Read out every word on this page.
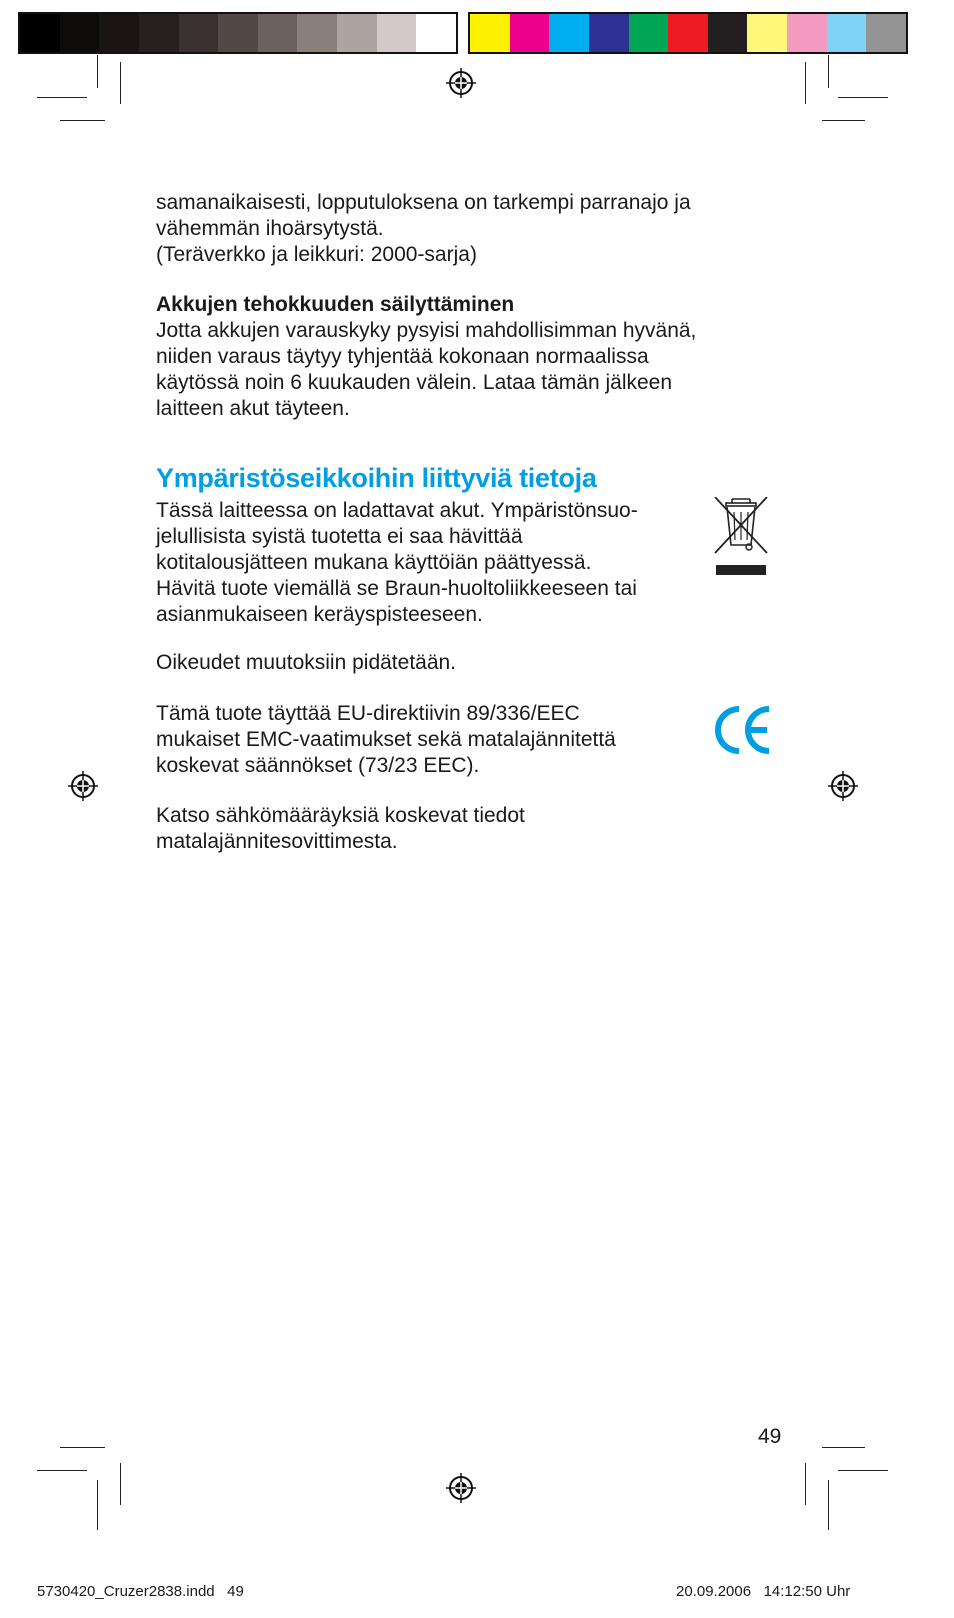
samanaikaisesti, lopputuloksena on tarkempi parranajo ja

vähemmän ihoärsytystä.

(Teräverkko ja leikkuri: 2000-sarja)

Akkujen tehokkuuden säilyttäminen

Jotta akkujen varauskyky pysyisi mahdollisimman hyvänä,

niiden varaus täytyy tyhjentää kokonaan normaalissa

käytössä noin 6 kuukauden välein. Lataa tämän jälkeen

laitteen akut täyteen.

Ympäristöseikkoihin liittyviä tietoja

Tässä laitteessa on ladattavat akut. Ympäristönsuo-

jelullisista syistä tuotetta ei saa hävittää

kotitalousjätteen mukana käyttöiän päättyessä.

Hävitä tuote viemällä se Braun-huoltoliikkeeseen tai

asianmukaiseen keräyspisteeseen.

Oikeudet muutoksiin pidätetään.

Tämä tuote täyttää EU-direktiivin 89/336/EEC

mukaiset EMC-vaatimukset sekä matalajännitettä

koskevat säännökset (73/23 EEC).

Katso sähkömääräyksiä koskevat tiedot

matalajännitesovittimesta.

49
5730420_Cruzer2838.indd   49	20.09.2006   14:12:50 Uhr
